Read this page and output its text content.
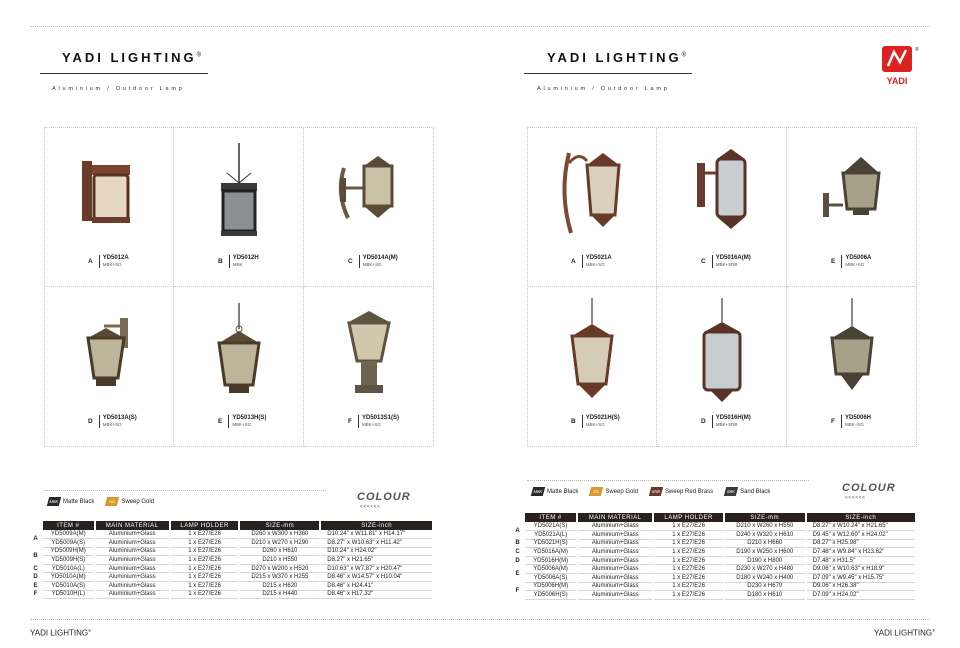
YADI LIGHTING®
Aluminium / Outdoor Lamp
YADI LIGHTING®
Aluminium / Outdoor Lamp
®
YADI
A YD5012A
MBK+SG	B YD5012H
MBK	C YD5014A(M)
MBK+SG
D YD5013A(S)
MBK+SG	E YD5013H(S)
MBK+SG	F YD5013S1(S)
MBK+SG
A YD5021A
MBK+SG	C YD5016A(M)
MBK+SRB	E YD5006A
MBK+SG
B YD5021H(S)
MBK+SG	D YD5016H(M)
MBK+SRB	F YD5006H
MBK+SG
MBK Matte Black	SG Sweep Gold	COLOUR
<<<<<<
MBK Matte Black	SG Sweep Gold	SRB Sweep Red Brass	SBK Sand Black	COLOUR
<<<<<<
	ITEM #	MAIN MATERIAL	LAMP HOLDER	SIZE-mm	SIZE-inch
A	YD5009A(M)	Aluminium+Glass	1 x E27/E26	D260 x W300 x H360	D10.24" x W11.81" x H14.17"
	YD5009A(S)	Aluminium+Glass	1 x E27/E26	D210 x W270 x H290	D8.27" x W10.63" x H11.42"
B	YD5009H(M)	Aluminium+Glass	1 x E27/E26	D260 x H610	D10.24" x H24.02"
	YD5009H(S)	Aluminium+Glass	1 x E27/E26	D210 x H550	D8.27" x H21.65"
C	YD5010A(L)	Aluminium+Glass	1 x E27/E26	D270 x W200 x H520	D10.63" x W7.87" x H20.47"
D	YD5010A(M)	Aluminium+Glass	1 x E27/E26	D215 x W370 x H255	D8.46" x W14.57" x H10.04"
E	YD5010A(S)	Aluminium+Glass	1 x E27/E26	D215 x H620	D8.46" x H24.41"
F	YD5010H(L)	Aluminium+Glass	1 x E27/E26	D215 x H440	D8.46" x H17.32"
	ITEM #	MAIN MATERIAL	LAMP HOLDER	SIZE-mm	SIZE-inch
A	YD5021A(S)	Aluminium+Glass	1 x E27/E26	D210 x W260 x H550	D8.27" x W10.24" x H21.65"
	YD5021A(L)	Aluminium+Glass	1 x E27/E26	D240 x W320 x H610	D9.45" x W12.60" x H24.02"
B	YD5021H(S)	Aluminium+Glass	1 x E27/E26	D210 x H660	D8.27" x H25.98"
C	YD5016A(M)	Aluminium+Glass	1 x E27/E26	D190 x W250 x H600	D7.48" x W9.84" x H23.62"
D	YD5016H(M)	Aluminium+Glass	1 x E27/E26	D190 x H800	D7.48" x H31.5"
E	YD5006A(M)	Aluminium+Glass	1 x E27/E26	D230 x W270 x H480	D9.06" x W10.63" x H18.9"
	YD5006A(S)	Aluminium+Glass	1 x E27/E26	D180 x W240 x H400	D7.09" x W9.45" x H15.75"
F	YD5006H(M)	Aluminium+Glass	1 x E27/E26	D230 x H670	D9.06" x H26.38"
	YD5006H(S)	Aluminium+Glass	1 x E27/E26	D180 x H610	D7.09" x H24.02"
YADI LIGHTING®	YADI LIGHTING®
